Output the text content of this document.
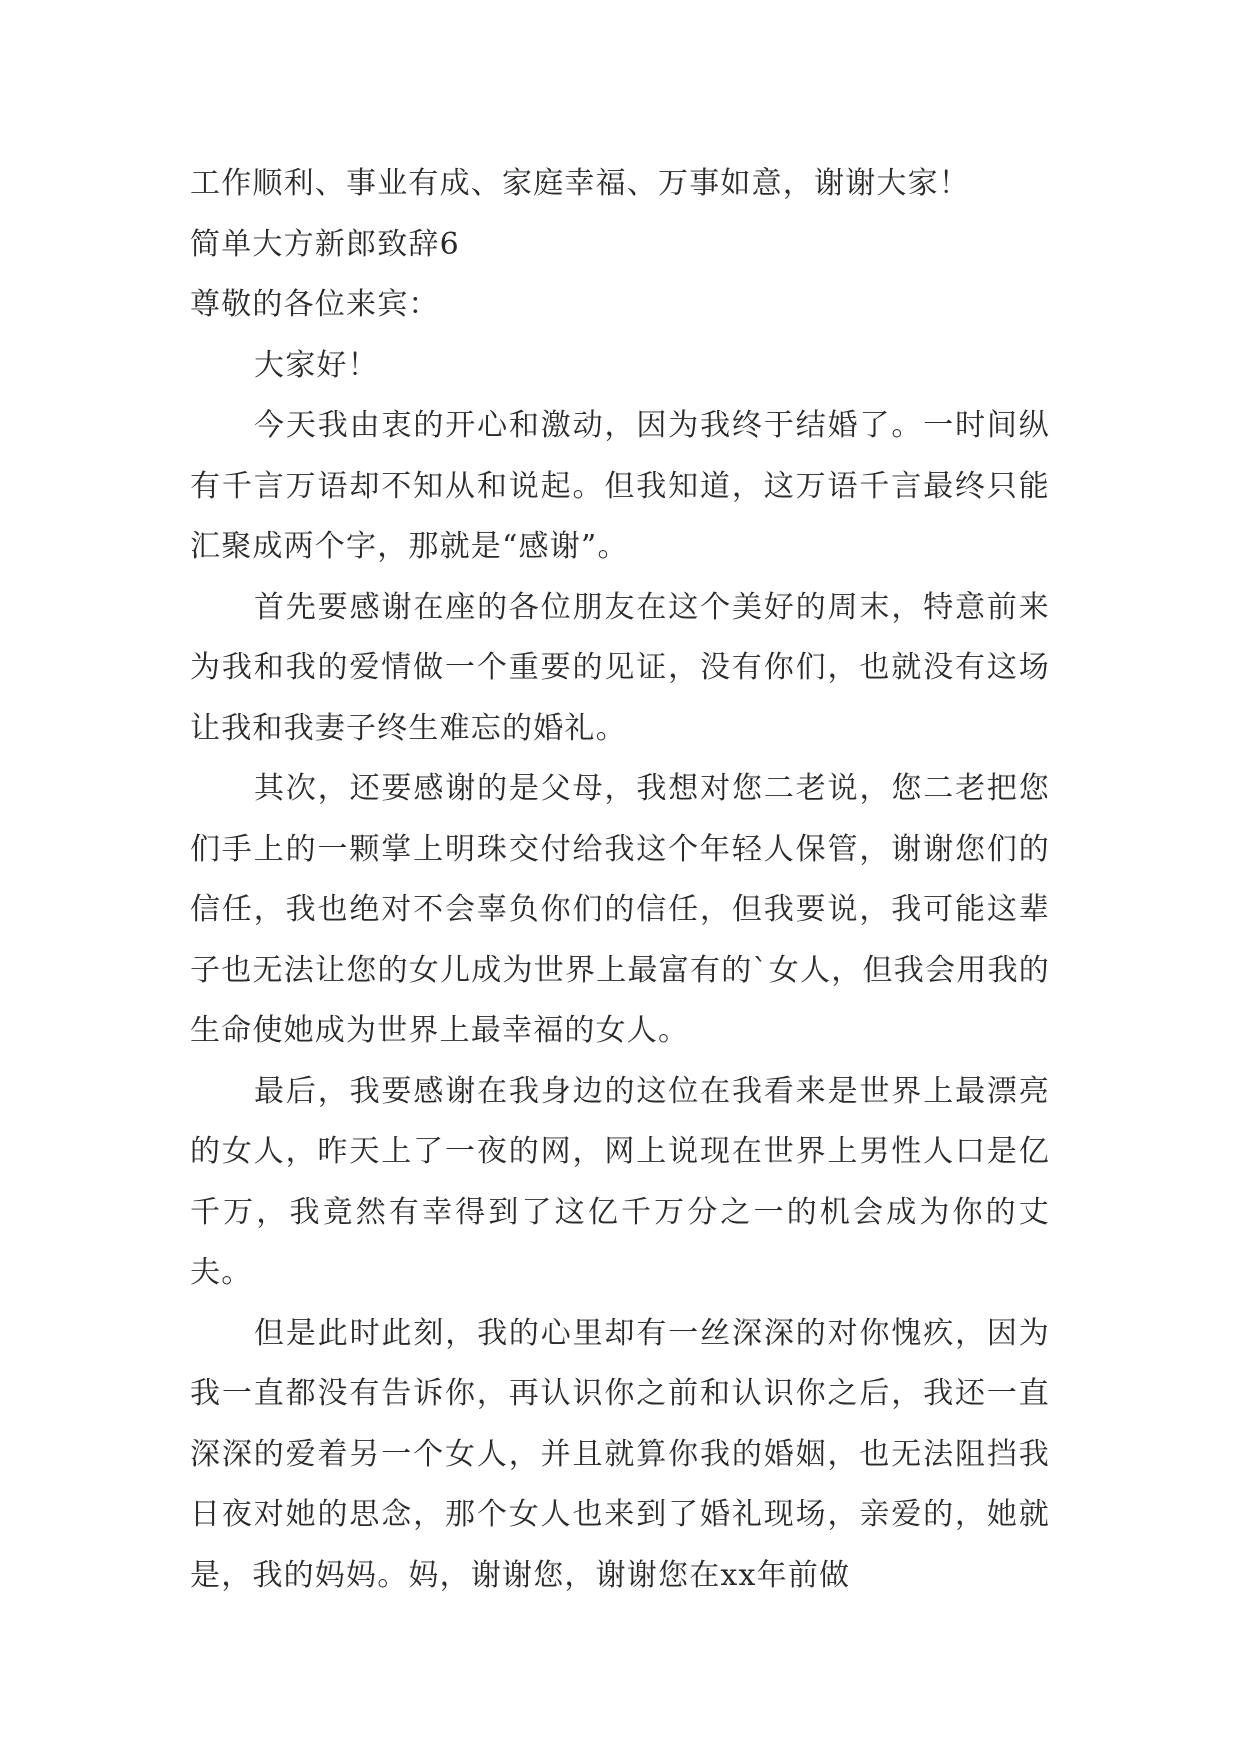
工作顺利、事业有成、家庭幸福、万事如意，谢谢大家！

简单大方新郎致辞6

尊敬的各位来宾：

大家好！

今天我由衷的开心和激动，因为我终于结婚了。一时间纵有千言万语却不知从和说起。但我知道，这万语千言最终只能汇聚成两个字，那就是“感谢”。

首先要感谢在座的各位朋友在这个美好的周末，特意前来为我和我的爱情做一个重要的见证，没有你们，也就没有这场让我和我妻子终生难忘的婚礼。

其次，还要感谢的是父母，我想对您二老说，您二老把您们手上的一颗掌上明珠交付给我这个年轻人保管，谢谢您们的信任，我也绝对不会辜负你们的信任，但我要说，我可能这辈子也无法让您的女儿成为世界上最富有的`女人，但我会用我的生命使她成为世界上最幸福的女人。

最后，我要感谢在我身边的这位在我看来是世界上最漂亮的女人，昨天上了一夜的网，网上说现在世界上男性人口是亿千万，我竟然有幸得到了这亿千万分之一的机会成为你的丈夫。

但是此时此刻，我的心里却有一丝深深的对你愧疚，因为我一直都没有告诉你，再认识你之前和认识你之后，我还一直深深的爱着另一个女人，并且就算你我的婚姻，也无法阻挡我日夜对她的思念，那个女人也来到了婚礼现场，亲爱的，她就是，我的妈妈。妈，谢谢您，谢谢您在xx年前做
